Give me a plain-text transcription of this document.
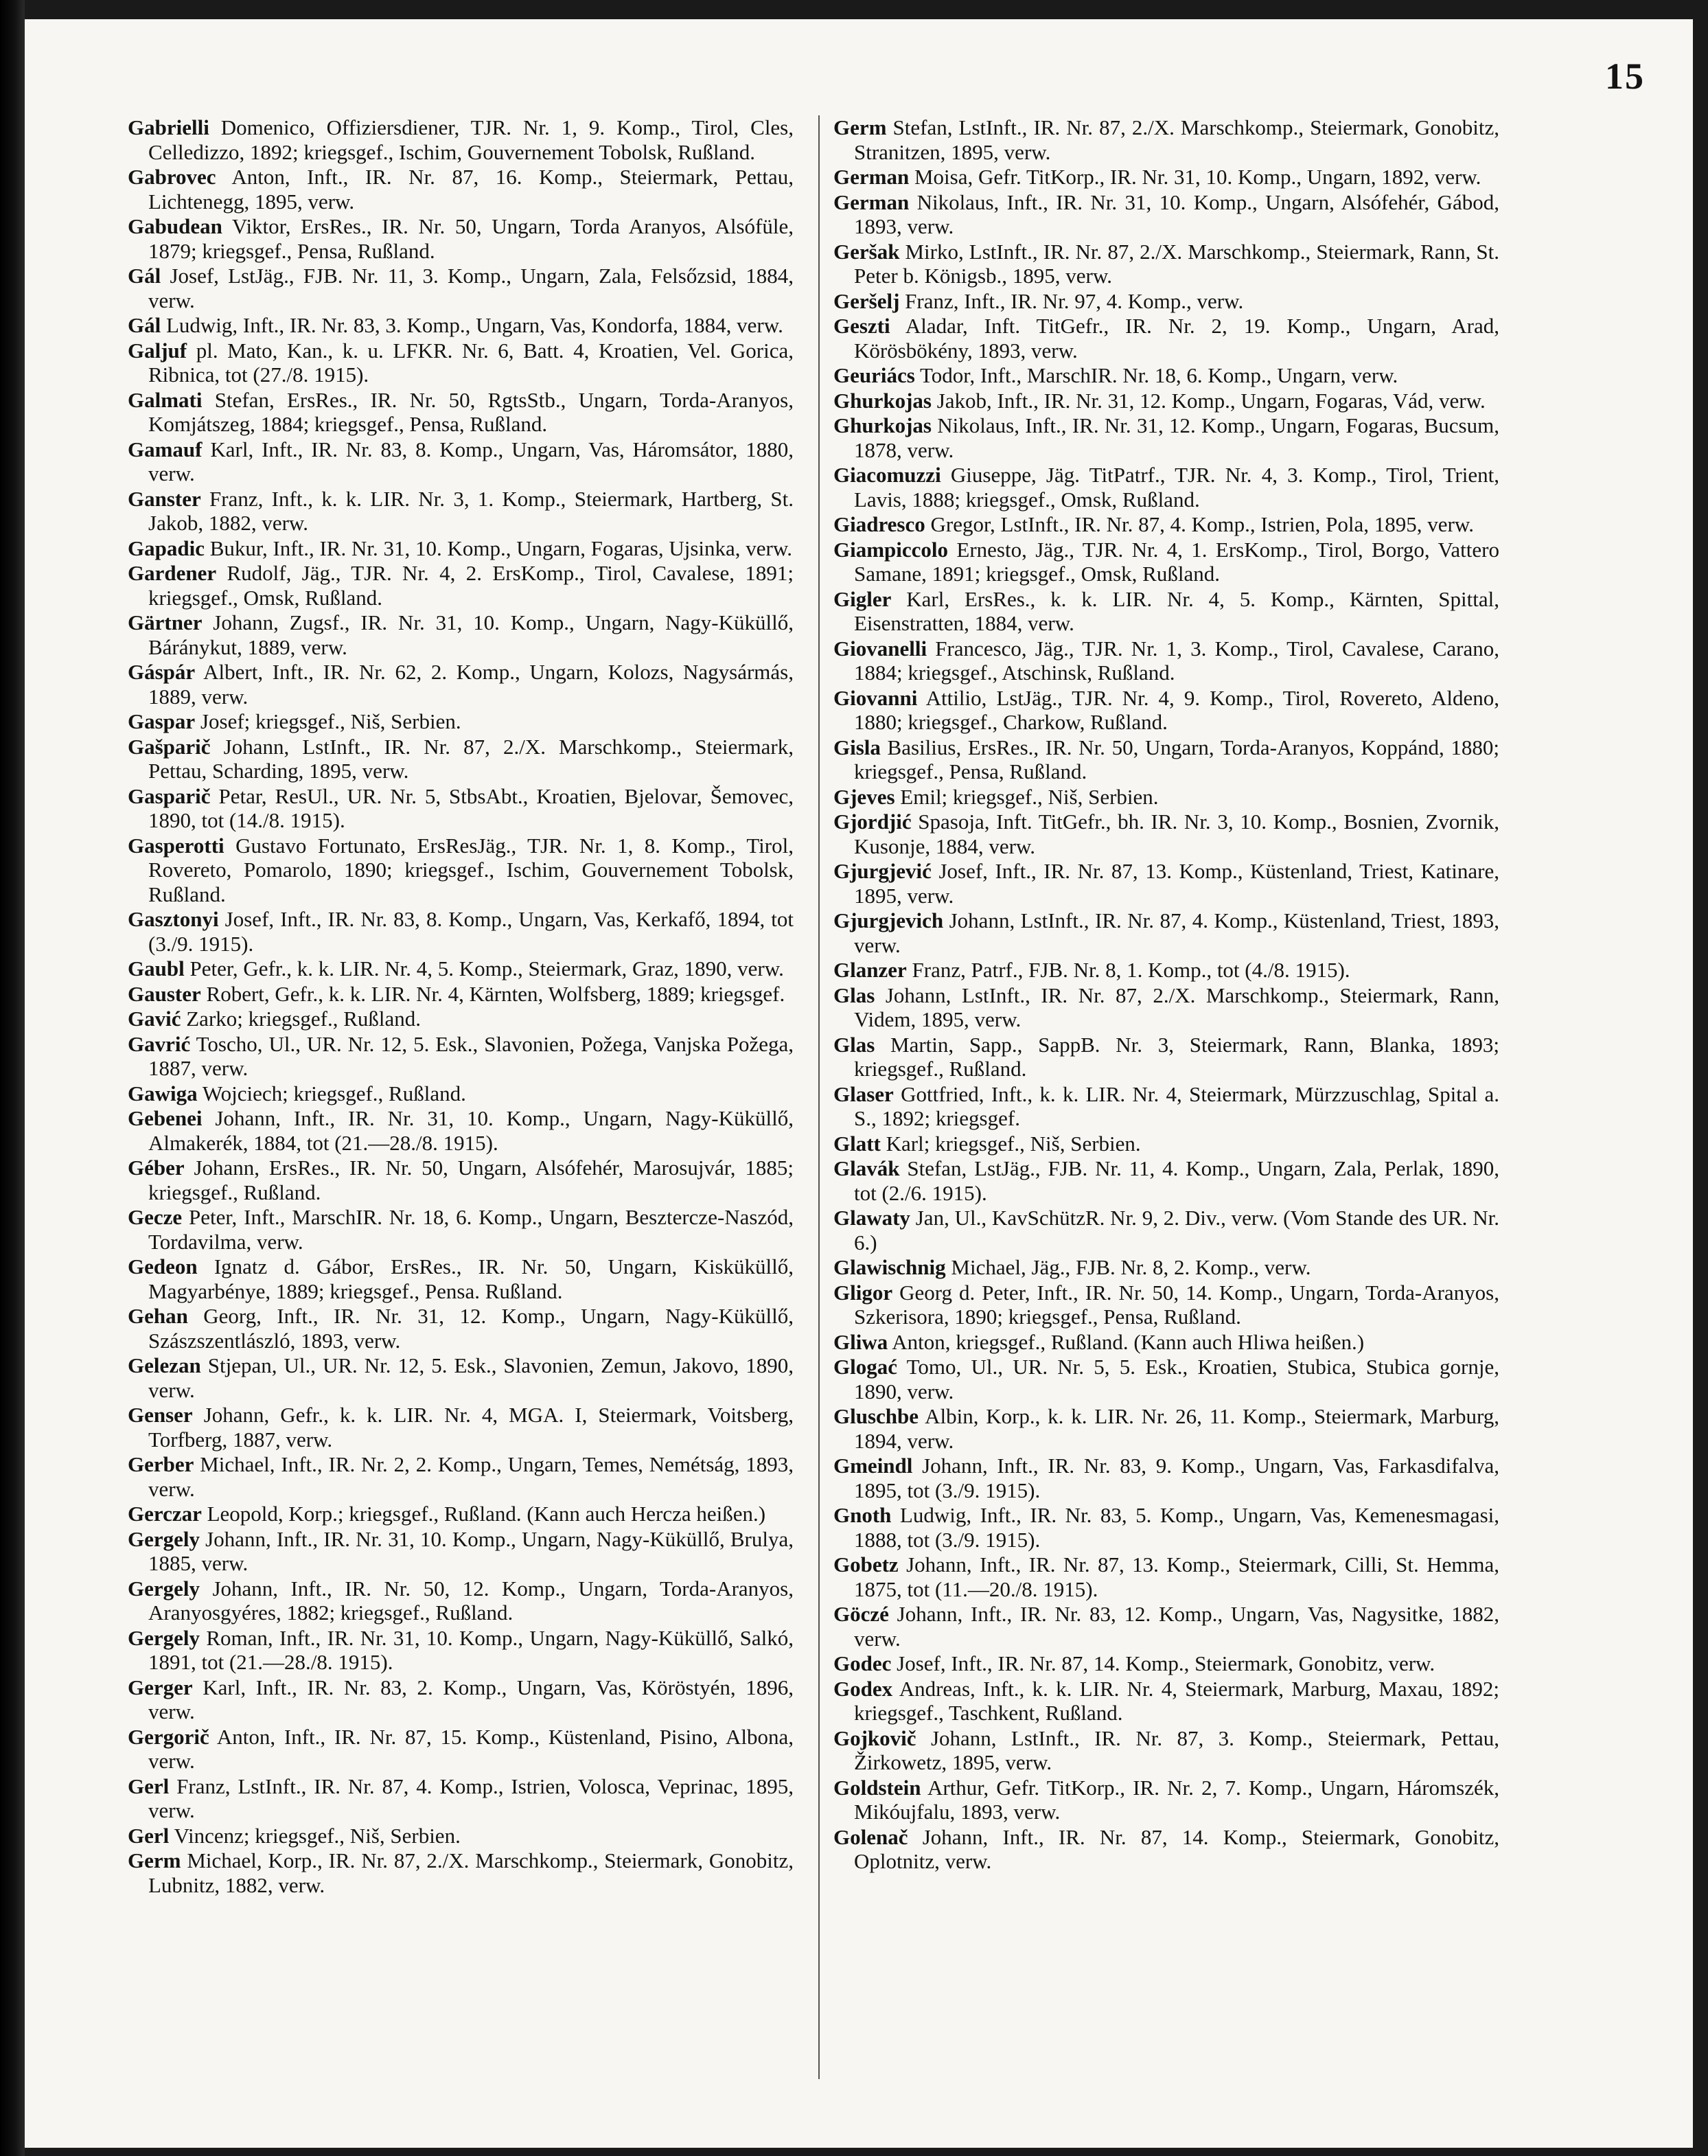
15

Gabrielli Domenico, Offiziersdiener, TJR. Nr. 1, 9. Komp., Tirol, Cles, Celledizzo, 1892; kriegsgef., Ischim, Gouvernement Tobolsk, Rußland.

Gabrovec Anton, Inft., IR. Nr. 87, 16. Komp., Steiermark, Pettau, Lichtenegg, 1895, verw.

Gabudean Viktor, ErsRes., IR. Nr. 50, Ungarn, Torda Aranyos, Alsófüle, 1879; kriegsgef., Pensa, Rußland.

Gál Josef, LstJäg., FJB. Nr. 11, 3. Komp., Ungarn, Zala, Felsőzsid, 1884, verw.

Gál Ludwig, Inft., IR. Nr. 83, 3. Komp., Ungarn, Vas, Kondorfa, 1884, verw.

Galjuf pl. Mato, Kan., k. u. LFKR. Nr. 6, Batt. 4, Kroatien, Vel. Gorica, Ribnica, tot (27./8. 1915).

Galmati Stefan, ErsRes., IR. Nr. 50, RgtsStb., Ungarn, Torda-Aranyos, Komjátszeg, 1884; kriegsgef., Pensa, Rußland.

Gamauf Karl, Inft., IR. Nr. 83, 8. Komp., Ungarn, Vas, Háromsátor, 1880, verw.

Ganster Franz, Inft., k. k. LIR. Nr. 3, 1. Komp., Steiermark, Hartberg, St. Jakob, 1882, verw.

Gapadic Bukur, Inft., IR. Nr. 31, 10. Komp., Ungarn, Fogaras, Ujsinka, verw.

Gardener Rudolf, Jäg., TJR. Nr. 4, 2. ErsKomp., Tirol, Cavalese, 1891; kriegsgef., Omsk, Rußland.

Gärtner Johann, Zugsf., IR. Nr. 31, 10. Komp., Ungarn, Nagy-Küküllő, Báránykut, 1889, verw.

Gáspár Albert, Inft., IR. Nr. 62, 2. Komp., Ungarn, Kolozs, Nagysármás, 1889, verw.

Gaspar Josef; kriegsgef., Niš, Serbien.

Gašparič Johann, LstInft., IR. Nr. 87, 2./X. Marschkomp., Steiermark, Pettau, Scharding, 1895, verw.

Gasparič Petar, ResUl., UR. Nr. 5, StbsAbt., Kroatien, Bjelovar, Šemovec, 1890, tot (14./8. 1915).

Gasperotti Gustavo Fortunato, ErsResJäg., TJR. Nr. 1, 8. Komp., Tirol, Rovereto, Pomarolo, 1890; kriegsgef., Ischim, Gouvernement Tobolsk, Rußland.

Gasztonyi Josef, Inft., IR. Nr. 83, 8. Komp., Ungarn, Vas, Kerkafő, 1894, tot (3./9. 1915).

Gaubl Peter, Gefr., k. k. LIR. Nr. 4, 5. Komp., Steiermark, Graz, 1890, verw.

Gauster Robert, Gefr., k. k. LIR. Nr. 4, Kärnten, Wolfsberg, 1889; kriegsgef.

Gavić Zarko; kriegsgef., Rußland.

Gavrić Toscho, Ul., UR. Nr. 12, 5. Esk., Slavonien, Požega, Vanjska Požega, 1887, verw.

Gawiga Wojciech; kriegsgef., Rußland.

Gebenei Johann, Inft., IR. Nr. 31, 10. Komp., Ungarn, Nagy-Küküllő, Almakerék, 1884, tot (21.—28./8. 1915).

Géber Johann, ErsRes., IR. Nr. 50, Ungarn, Alsófehér, Marosujvár, 1885; kriegsgef., Rußland.

Gecze Peter, Inft., MarschIR. Nr. 18, 6. Komp., Ungarn, Besztercze-Naszód, Tordavilma, verw.

Gedeon Ignatz d. Gábor, ErsRes., IR. Nr. 50, Ungarn, Kisküküllő, Magyarbénye, 1889; kriegsgef., Pensa. Rußland.

Gehan Georg, Inft., IR. Nr. 31, 12. Komp., Ungarn, Nagy-Küküllő, Szászszentlászló, 1893, verw.

Gelezan Stjepan, Ul., UR. Nr. 12, 5. Esk., Slavonien, Zemun, Jakovo, 1890, verw.

Genser Johann, Gefr., k. k. LIR. Nr. 4, MGA. I, Steiermark, Voitsberg, Torfberg, 1887, verw.

Gerber Michael, Inft., IR. Nr. 2, 2. Komp., Ungarn, Temes, Nemétság, 1893, verw.

Gerczar Leopold, Korp.; kriegsgef., Rußland. (Kann auch Hercza heißen.)

Gergely Johann, Inft., IR. Nr. 31, 10. Komp., Ungarn, Nagy-Küküllő, Brulya, 1885, verw.

Gergely Johann, Inft., IR. Nr. 50, 12. Komp., Ungarn, Torda-Aranyos, Aranyosgyéres, 1882; kriegsgef., Rußland.

Gergely Roman, Inft., IR. Nr. 31, 10. Komp., Ungarn, Nagy-Küküllő, Salkó, 1891, tot (21.—28./8. 1915).

Gerger Karl, Inft., IR. Nr. 83, 2. Komp., Ungarn, Vas, Köröstyén, 1896, verw.

Gergorič Anton, Inft., IR. Nr. 87, 15. Komp., Küstenland, Pisino, Albona, verw.

Gerl Franz, LstInft., IR. Nr. 87, 4. Komp., Istrien, Volosca, Veprinac, 1895, verw.

Gerl Vincenz; kriegsgef., Niš, Serbien.

Germ Michael, Korp., IR. Nr. 87, 2./X. Marschkomp., Steiermark, Gonobitz, Lubnitz, 1882, verw.

Germ Stefan, LstInft., IR. Nr. 87, 2./X. Marschkomp., Steiermark, Gonobitz, Stranitzen, 1895, verw.

German Moisa, Gefr. TitKorp., IR. Nr. 31, 10. Komp., Ungarn, 1892, verw.

German Nikolaus, Inft., IR. Nr. 31, 10. Komp., Ungarn, Alsófehér, Gábod, 1893, verw.

Geršak Mirko, LstInft., IR. Nr. 87, 2./X. Marschkomp., Steiermark, Rann, St. Peter b. Königsb., 1895, verw.

Geršelj Franz, Inft., IR. Nr. 97, 4. Komp., verw.

Geszti Aladar, Inft. TitGefr., IR. Nr. 2, 19. Komp., Ungarn, Arad, Körösbökény, 1893, verw.

Geuriács Todor, Inft., MarschIR. Nr. 18, 6. Komp., Ungarn, verw.

Ghurkojas Jakob, Inft., IR. Nr. 31, 12. Komp., Ungarn, Fogaras, Vád, verw.

Ghurkojas Nikolaus, Inft., IR. Nr. 31, 12. Komp., Ungarn, Fogaras, Bucsum, 1878, verw.

Giacomuzzi Giuseppe, Jäg. TitPatrf., TJR. Nr. 4, 3. Komp., Tirol, Trient, Lavis, 1888; kriegsgef., Omsk, Rußland.

Giadresco Gregor, LstInft., IR. Nr. 87, 4. Komp., Istrien, Pola, 1895, verw.

Giampiccolo Ernesto, Jäg., TJR. Nr. 4, 1. ErsKomp., Tirol, Borgo, Vattero Samane, 1891; kriegsgef., Omsk, Rußland.

Gigler Karl, ErsRes., k. k. LIR. Nr. 4, 5. Komp., Kärnten, Spittal, Eisenstratten, 1884, verw.

Giovanelli Francesco, Jäg., TJR. Nr. 1, 3. Komp., Tirol, Cavalese, Carano, 1884; kriegsgef., Atschinsk, Rußland.

Giovanni Attilio, LstJäg., TJR. Nr. 4, 9. Komp., Tirol, Rovereto, Aldeno, 1880; kriegsgef., Charkow, Rußland.

Gisla Basilius, ErsRes., IR. Nr. 50, Ungarn, Torda-Aranyos, Koppánd, 1880; kriegsgef., Pensa, Rußland.

Gjeves Emil; kriegsgef., Niš, Serbien.

Gjordjić Spasoja, Inft. TitGefr., bh. IR. Nr. 3, 10. Komp., Bosnien, Zvornik, Kusonje, 1884, verw.

Gjurgjević Josef, Inft., IR. Nr. 87, 13. Komp., Küstenland, Triest, Katinare, 1895, verw.

Gjurgjevich Johann, LstInft., IR. Nr. 87, 4. Komp., Küstenland, Triest, 1893, verw.

Glanzer Franz, Patrf., FJB. Nr. 8, 1. Komp., tot (4./8. 1915).

Glas Johann, LstInft., IR. Nr. 87, 2./X. Marschkomp., Steiermark, Rann, Videm, 1895, verw.

Glas Martin, Sapp., SappB. Nr. 3, Steiermark, Rann, Blanka, 1893; kriegsgef., Rußland.

Glaser Gottfried, Inft., k. k. LIR. Nr. 4, Steiermark, Mürzzuschlag, Spital a. S., 1892; kriegsgef.

Glatt Karl; kriegsgef., Niš, Serbien.

Glavák Stefan, LstJäg., FJB. Nr. 11, 4. Komp., Ungarn, Zala, Perlak, 1890, tot (2./6. 1915).

Glawaty Jan, Ul., KavSchützR. Nr. 9, 2. Div., verw. (Vom Stande des UR. Nr. 6.)

Glawischnig Michael, Jäg., FJB. Nr. 8, 2. Komp., verw.

Gligor Georg d. Peter, Inft., IR. Nr. 50, 14. Komp., Ungarn, Torda-Aranyos, Szkerisora, 1890; kriegsgef., Pensa, Rußland.

Gliwa Anton, kriegsgef., Rußland. (Kann auch Hliwa heißen.)

Glogać Tomo, Ul., UR. Nr. 5, 5. Esk., Kroatien, Stubica, Stubica gornje, 1890, verw.

Gluschbe Albin, Korp., k. k. LIR. Nr. 26, 11. Komp., Steiermark, Marburg, 1894, verw.

Gmeindl Johann, Inft., IR. Nr. 83, 9. Komp., Ungarn, Vas, Farkasdifalva, 1895, tot (3./9. 1915).

Gnoth Ludwig, Inft., IR. Nr. 83, 5. Komp., Ungarn, Vas, Kemenesmagasi, 1888, tot (3./9. 1915).

Gobetz Johann, Inft., IR. Nr. 87, 13. Komp., Steiermark, Cilli, St. Hemma, 1875, tot (11.—20./8. 1915).

Göczé Johann, Inft., IR. Nr. 83, 12. Komp., Ungarn, Vas, Nagysitke, 1882, verw.

Godec Josef, Inft., IR. Nr. 87, 14. Komp., Steiermark, Gonobitz, verw.

Godex Andreas, Inft., k. k. LIR. Nr. 4, Steiermark, Marburg, Maxau, 1892; kriegsgef., Taschkent, Rußland.

Gojkovič Johann, LstInft., IR. Nr. 87, 3. Komp., Steiermark, Pettau, Žirkowetz, 1895, verw.

Goldstein Arthur, Gefr. TitKorp., IR. Nr. 2, 7. Komp., Ungarn, Háromszék, Mikóujfalu, 1893, verw.

Golenač Johann, Inft., IR. Nr. 87, 14. Komp., Steiermark, Gonobitz, Oplotnitz, verw.
